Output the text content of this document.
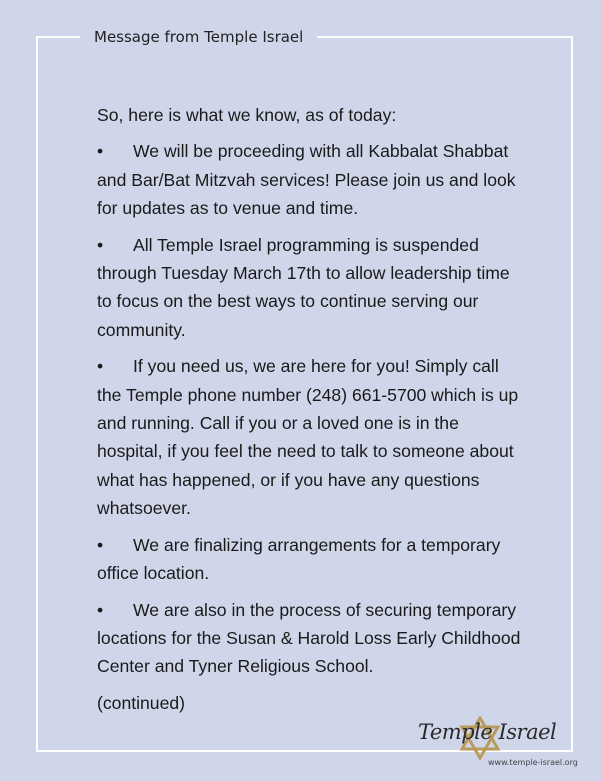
Message from Temple Israel

So, here is what we know, as of today:

• We will be proceeding with all Kabbalat Shabbat and Bar/Bat Mitzvah services! Please join us and look for updates as to venue and time.
• All Temple Israel programming is suspended through Tuesday March 17th to allow leadership time to focus on the best ways to continue serving our community.
• If you need us, we are here for you! Simply call the Temple phone number (248) 661-5700 which is up and running. Call if you or a loved one is in the hospital, if you feel the need to talk to someone about what has happened, or if you have any questions whatsoever.
• We are finalizing arrangements for a temporary office location.
• We are also in the process of securing temporary locations for the Susan & Harold Loss Early Childhood Center and Tyner Religious School.

(continued)

Temple Israel
www.temple-israel.org
